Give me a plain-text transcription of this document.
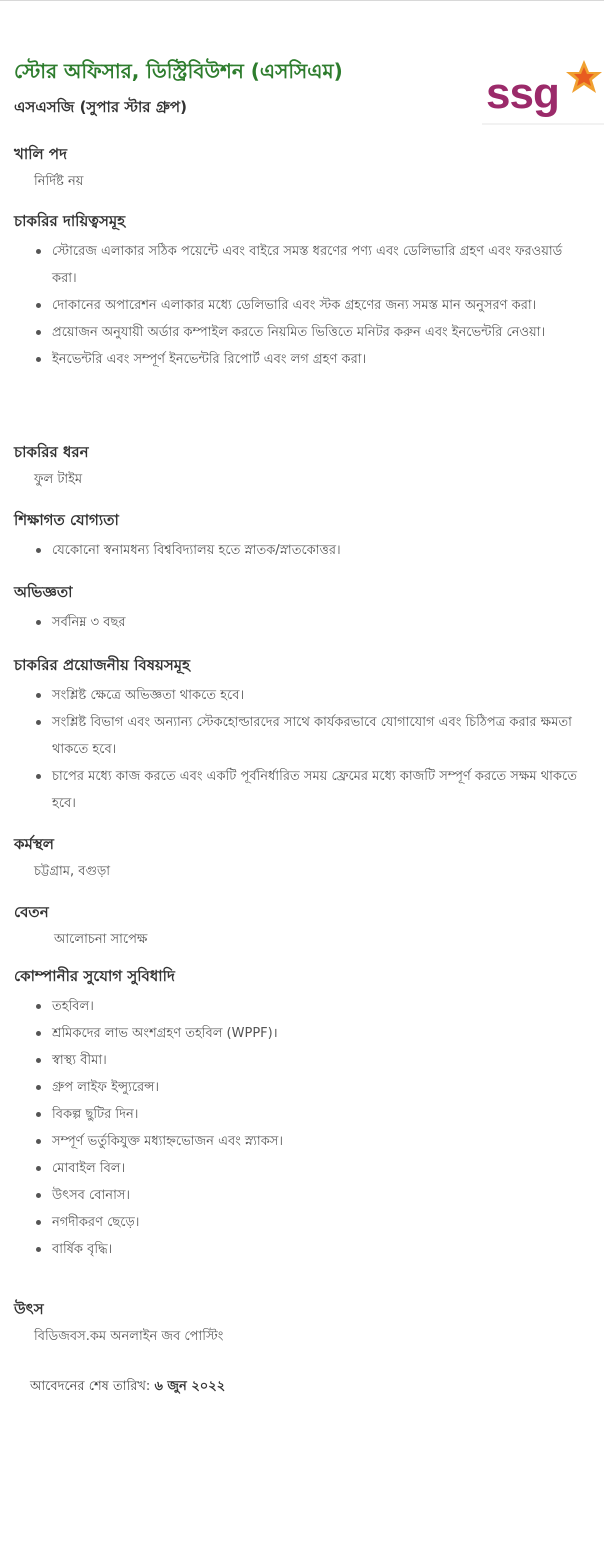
স্টোর অফিসার, ডিস্ট্রিবিউশন (এসসিএম)
এসএসজি (সুপার স্টার গ্রুপ)	ssg
খালি পদ
নির্দিষ্ট নয়
চাকরির দায়িত্বসমূহ
স্টোরেজ এলাকার সঠিক পয়েন্টে এবং বাইরে সমস্ত ধরণের পণ্য এবং ডেলিভারি গ্রহণ এবং ফরওয়ার্ড করা।
দোকানের অপারেশন এলাকার মধ্যে ডেলিভারি এবং স্টক গ্রহণের জন্য সমস্ত মান অনুসরণ করা।
প্রয়োজন অনুযায়ী অর্ডার কম্পাইল করতে নিয়মিত ভিত্তিতে মনিটর করুন এবং ইনভেন্টরি নেওয়া।
ইনভেন্টরি এবং সম্পূর্ণ ইনভেন্টরি রিপোর্ট এবং লগ গ্রহণ করা।
চাকরির ধরন
ফুল টাইম
শিক্ষাগত যোগ্যতা
যেকোনো স্বনামধন্য বিশ্ববিদ্যালয় হতে স্নাতক/স্নাতকোত্তর।
অভিজ্ঞতা
সর্বনিম্ন ৩ বছর
চাকরির প্রয়োজনীয় বিষয়সমূহ
সংশ্লিষ্ট ক্ষেত্রে অভিজ্ঞতা থাকতে হবে।
সংশ্লিষ্ট বিভাগ এবং অন্যান্য স্টেকহোল্ডারদের সাথে কার্যকরভাবে যোগাযোগ এবং চিঠিপত্র করার ক্ষমতা থাকতে হবে।
চাপের মধ্যে কাজ করতে এবং একটি পূর্বনির্ধারিত সময় ফ্রেমের মধ্যে কাজটি সম্পূর্ণ করতে সক্ষম থাকতে হবে।
কর্মস্থল
চট্টগ্রাম, বগুড়া
বেতন
আলোচনা সাপেক্ষ
কোম্পানীর সুযোগ সুবিধাদি
তহবিল।
শ্রমিকদের লাভ অংশগ্রহণ তহবিল (WPPF)।
স্বাস্থ্য বীমা।
গ্রুপ লাইফ ইন্স্যুরেন্স।
বিকল্প ছুটির দিন।
সম্পূর্ণ ভর্তুকিযুক্ত মধ্যাহ্নভোজন এবং স্ন্যাকস।
মোবাইল বিল।
উৎসব বোনাস।
নগদীকরণ ছেড়ে।
বার্ষিক বৃদ্ধি।
উৎস
বিডিজবস.কম অনলাইন জব পোস্টিং
আবেদনের শেষ তারিখ: ৬ জুন ২০২২
